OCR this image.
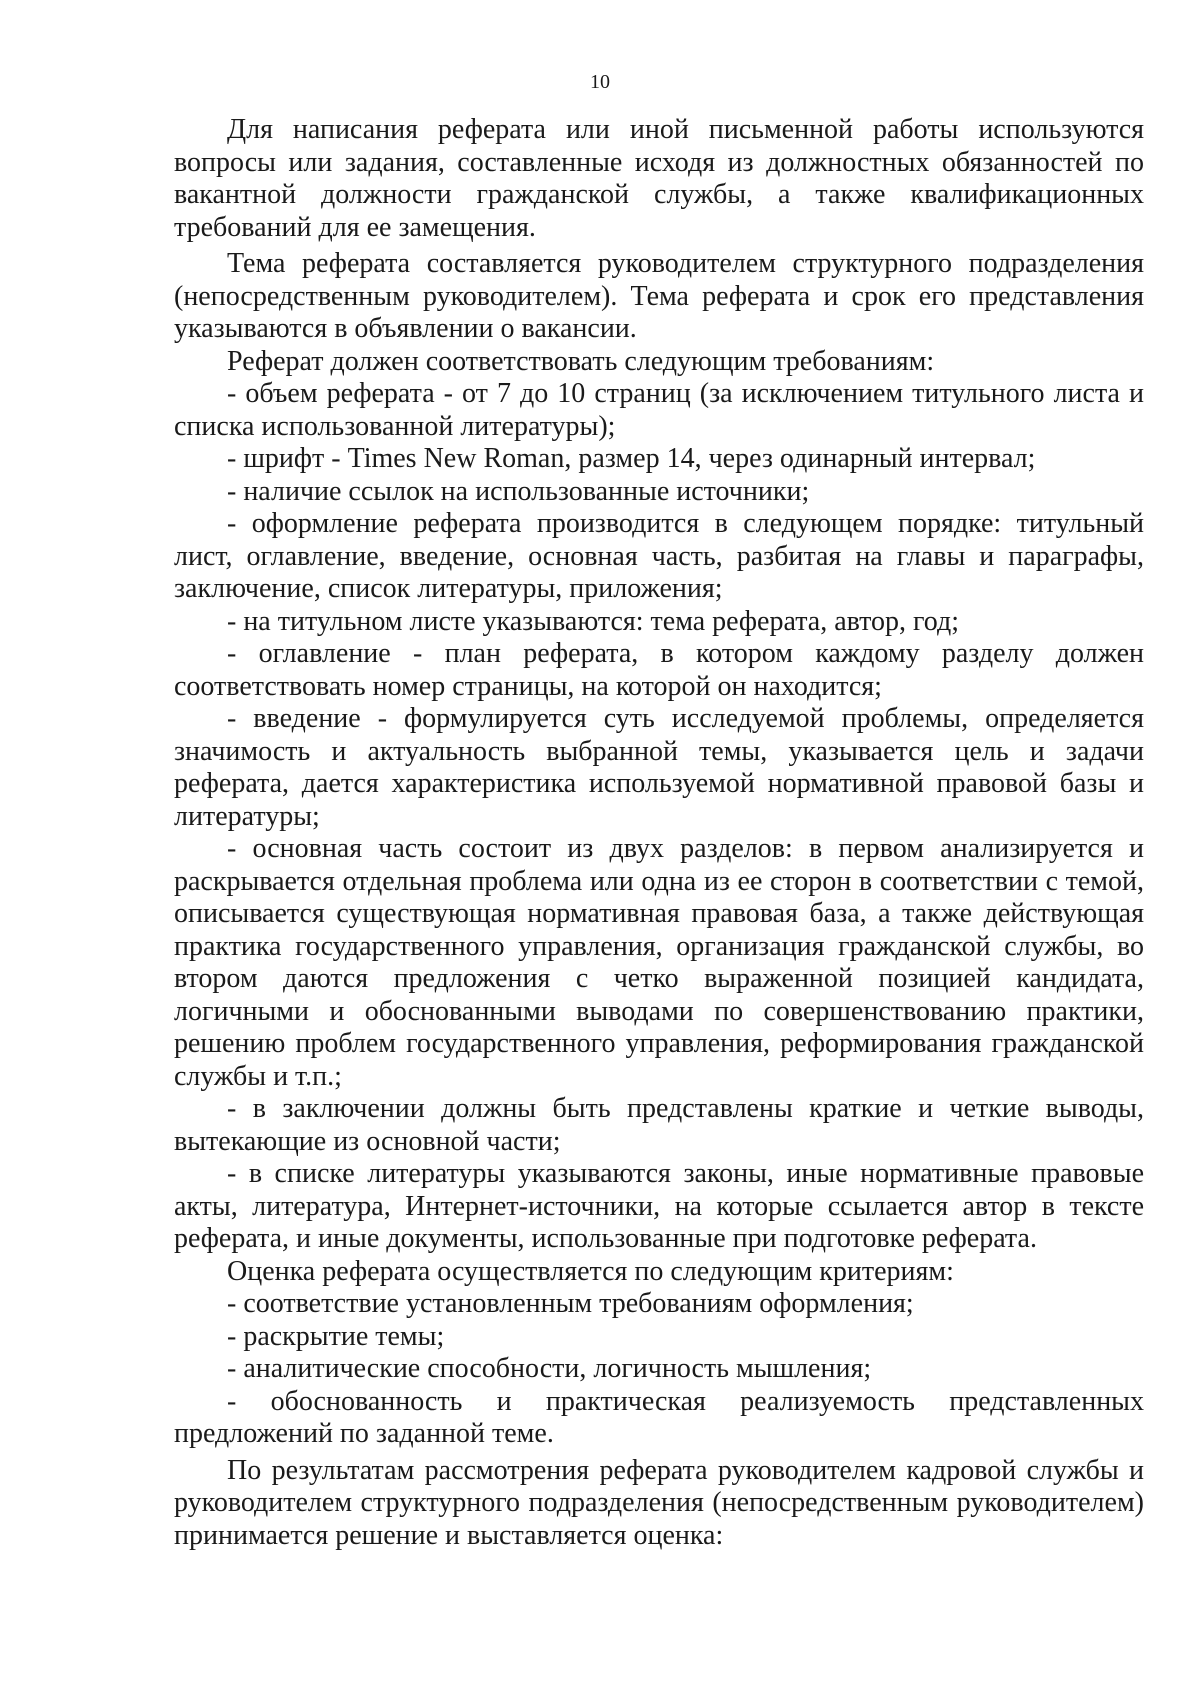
10

Для написания реферата или иной письменной работы используются вопросы или задания, составленные исходя из должностных обязанностей по вакантной должности гражданской службы, а также квалификационных требований для ее замещения.

Тема реферата составляется руководителем структурного подразделения (непосредственным руководителем). Тема реферата и срок его представления указываются в объявлении о вакансии.

Реферат должен соответствовать следующим требованиям:

- объем реферата - от 7 до 10 страниц (за исключением титульного листа и списка использованной литературы);

- шрифт - Times New Roman, размер 14, через одинарный интервал;

- наличие ссылок на использованные источники;

- оформление реферата производится в следующем порядке: титульный лист, оглавление, введение, основная часть, разбитая на главы и параграфы, заключение, список литературы, приложения;

- на титульном листе указываются: тема реферата, автор, год;

- оглавление - план реферата, в котором каждому разделу должен соответствовать номер страницы, на которой он находится;

- введение - формулируется суть исследуемой проблемы, определяется значимость и актуальность выбранной темы, указывается цель и задачи реферата, дается характеристика используемой нормативной правовой базы и литературы;

- основная часть состоит из двух разделов: в первом анализируется и раскрывается отдельная проблема или одна из ее сторон в соответствии с темой, описывается существующая нормативная правовая база, а также действующая практика государственного управления, организация гражданской службы, во втором даются предложения с четко выраженной позицией кандидата, логичными и обоснованными выводами по совершенствованию практики, решению проблем государственного управления, реформирования гражданской службы и т.п.;

- в заключении должны быть представлены краткие и четкие выводы, вытекающие из основной части;

- в списке литературы указываются законы, иные нормативные правовые акты, литература, Интернет-источники, на которые ссылается автор в тексте реферата, и иные документы, использованные при подготовке реферата.

Оценка реферата осуществляется по следующим критериям:

- соответствие установленным требованиям оформления;

- раскрытие темы;

- аналитические способности, логичность мышления;

- обоснованность и практическая реализуемость представленных предложений по заданной теме.

По результатам рассмотрения реферата руководителем кадровой службы и руководителем структурного подразделения (непосредственным руководителем) принимается решение и выставляется оценка:
